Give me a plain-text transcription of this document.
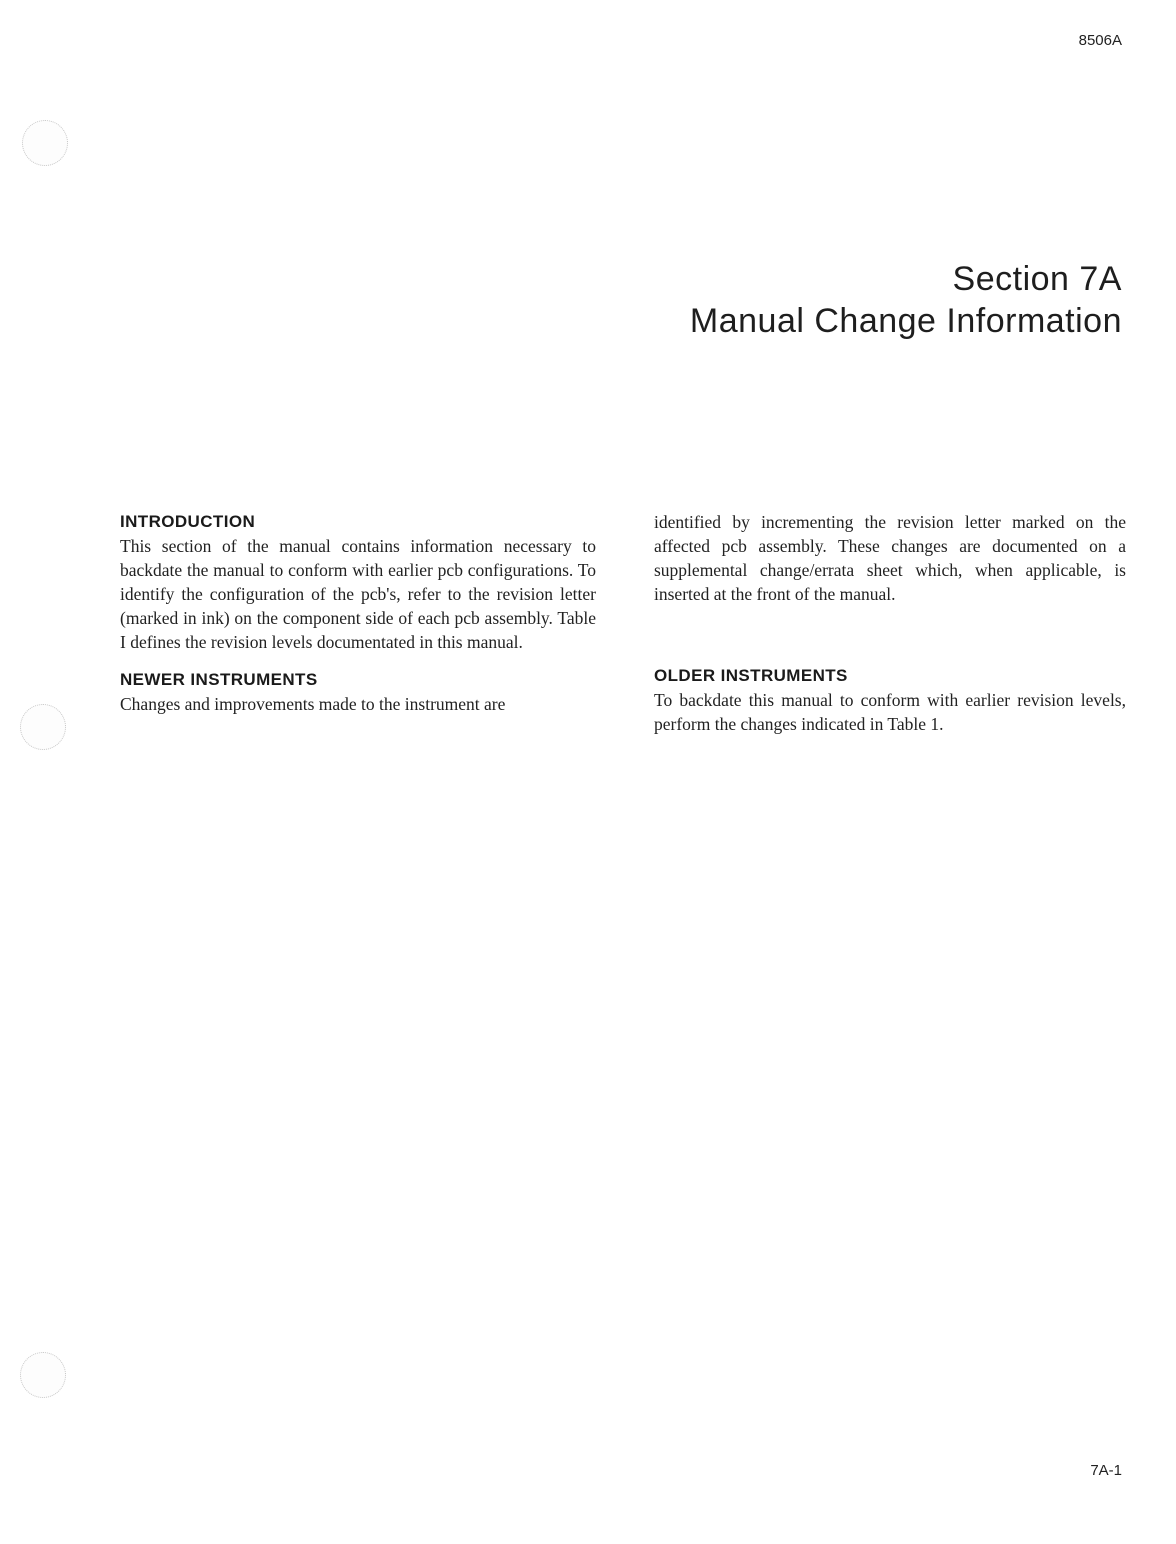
8506A
Section 7A
Manual Change Information
INTRODUCTION

This section of the manual contains information necessary to backdate the manual to conform with earlier pcb configurations. To identify the configuration of the pcb's, refer to the revision letter (marked in ink) on the component side of each pcb assembly. Table I defines the revision levels documentated in this manual.

NEWER INSTRUMENTS

Changes and improvements made to the instrument are

identified by incrementing the revision letter marked on the affected pcb assembly. These changes are documented on a supplemental change/errata sheet which, when applicable, is inserted at the front of the manual.

OLDER INSTRUMENTS

To backdate this manual to conform with earlier revision levels, perform the changes indicated in Table 1.

7A-1
